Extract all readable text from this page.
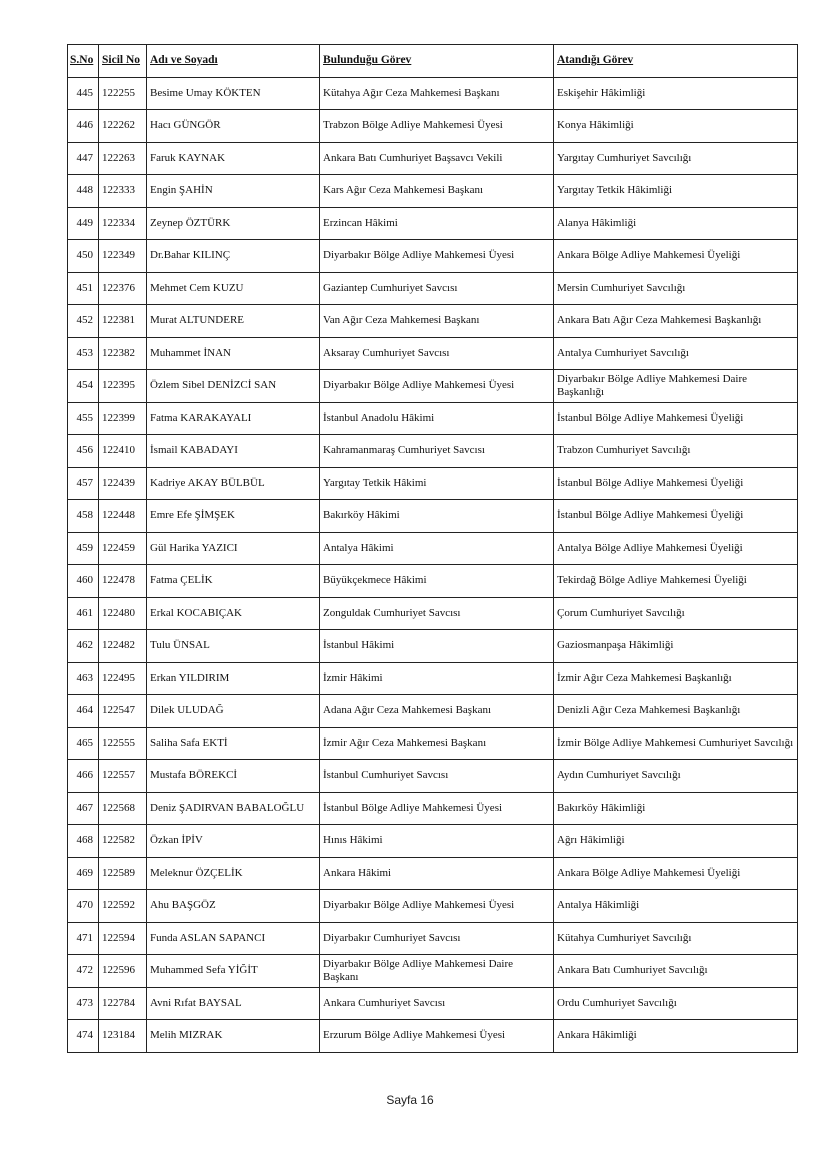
S.No	Sicil No	Adı ve Soyadı	Bulunduğu Görev	Atandığı Görev
445	122255	Besime Umay KÖKTEN	Kütahya Ağır Ceza Mahkemesi Başkanı	Eskişehir Hâkimliği
446	122262	Hacı GÜNGÖR	Trabzon Bölge Adliye Mahkemesi Üyesi	Konya Hâkimliği
447	122263	Faruk KAYNAK	Ankara Batı Cumhuriyet Başsavcı Vekili	Yargıtay Cumhuriyet Savcılığı
448	122333	Engin ŞAHİN	Kars Ağır Ceza Mahkemesi Başkanı	Yargıtay Tetkik Hâkimliği
449	122334	Zeynep ÖZTÜRK	Erzincan Hâkimi	Alanya Hâkimliği
450	122349	Dr.Bahar KILINÇ	Diyarbakır Bölge Adliye Mahkemesi Üyesi	Ankara Bölge Adliye Mahkemesi Üyeliği
451	122376	Mehmet Cem KUZU	Gaziantep Cumhuriyet Savcısı	Mersin Cumhuriyet Savcılığı
452	122381	Murat ALTUNDERE	Van Ağır Ceza Mahkemesi Başkanı	Ankara Batı Ağır Ceza Mahkemesi Başkanlığı
453	122382	Muhammet İNAN	Aksaray Cumhuriyet Savcısı	Antalya Cumhuriyet Savcılığı
454	122395	Özlem Sibel DENİZCİ SAN	Diyarbakır Bölge Adliye Mahkemesi Üyesi	Diyarbakır Bölge Adliye Mahkemesi Daire Başkanlığı
455	122399	Fatma KARAKAYALI	İstanbul Anadolu Hâkimi	İstanbul Bölge Adliye Mahkemesi Üyeliği
456	122410	İsmail KABADAYI	Kahramanmaraş Cumhuriyet Savcısı	Trabzon Cumhuriyet Savcılığı
457	122439	Kadriye AKAY BÜLBÜL	Yargıtay Tetkik Hâkimi	İstanbul Bölge Adliye Mahkemesi Üyeliği
458	122448	Emre Efe ŞİMŞEK	Bakırköy Hâkimi	İstanbul Bölge Adliye Mahkemesi Üyeliği
459	122459	Gül Harika YAZICI	Antalya Hâkimi	Antalya Bölge Adliye Mahkemesi Üyeliği
460	122478	Fatma ÇELİK	Büyükçekmece Hâkimi	Tekirdağ Bölge Adliye Mahkemesi Üyeliği
461	122480	Erkal KOCABIÇAK	Zonguldak Cumhuriyet Savcısı	Çorum Cumhuriyet Savcılığı
462	122482	Tulu ÜNSAL	İstanbul Hâkimi	Gaziosmanpaşa Hâkimliği
463	122495	Erkan YILDIRIM	İzmir Hâkimi	İzmir Ağır Ceza Mahkemesi Başkanlığı
464	122547	Dilek ULUDAĞ	Adana Ağır Ceza Mahkemesi Başkanı	Denizli Ağır Ceza Mahkemesi Başkanlığı
465	122555	Saliha Safa EKTİ	İzmir Ağır Ceza Mahkemesi Başkanı	İzmir Bölge Adliye Mahkemesi Cumhuriyet Savcılığı
466	122557	Mustafa BÖREKCİ	İstanbul Cumhuriyet Savcısı	Aydın Cumhuriyet Savcılığı
467	122568	Deniz ŞADIRVAN BABALOĞLU	İstanbul Bölge Adliye Mahkemesi Üyesi	Bakırköy Hâkimliği
468	122582	Özkan İPİV	Hınıs Hâkimi	Ağrı Hâkimliği
469	122589	Meleknur ÖZÇELİK	Ankara Hâkimi	Ankara Bölge Adliye Mahkemesi Üyeliği
470	122592	Ahu BAŞGÖZ	Diyarbakır Bölge Adliye Mahkemesi Üyesi	Antalya Hâkimliği
471	122594	Funda ASLAN SAPANCI	Diyarbakır Cumhuriyet Savcısı	Kütahya Cumhuriyet Savcılığı
472	122596	Muhammed Sefa YİĞİT	Diyarbakır Bölge Adliye Mahkemesi Daire Başkanı	Ankara Batı Cumhuriyet Savcılığı
473	122784	Avni Rıfat BAYSAL	Ankara Cumhuriyet Savcısı	Ordu Cumhuriyet Savcılığı
474	123184	Melih MIZRAK	Erzurum Bölge Adliye Mahkemesi Üyesi	Ankara Hâkimliği
Sayfa 16
